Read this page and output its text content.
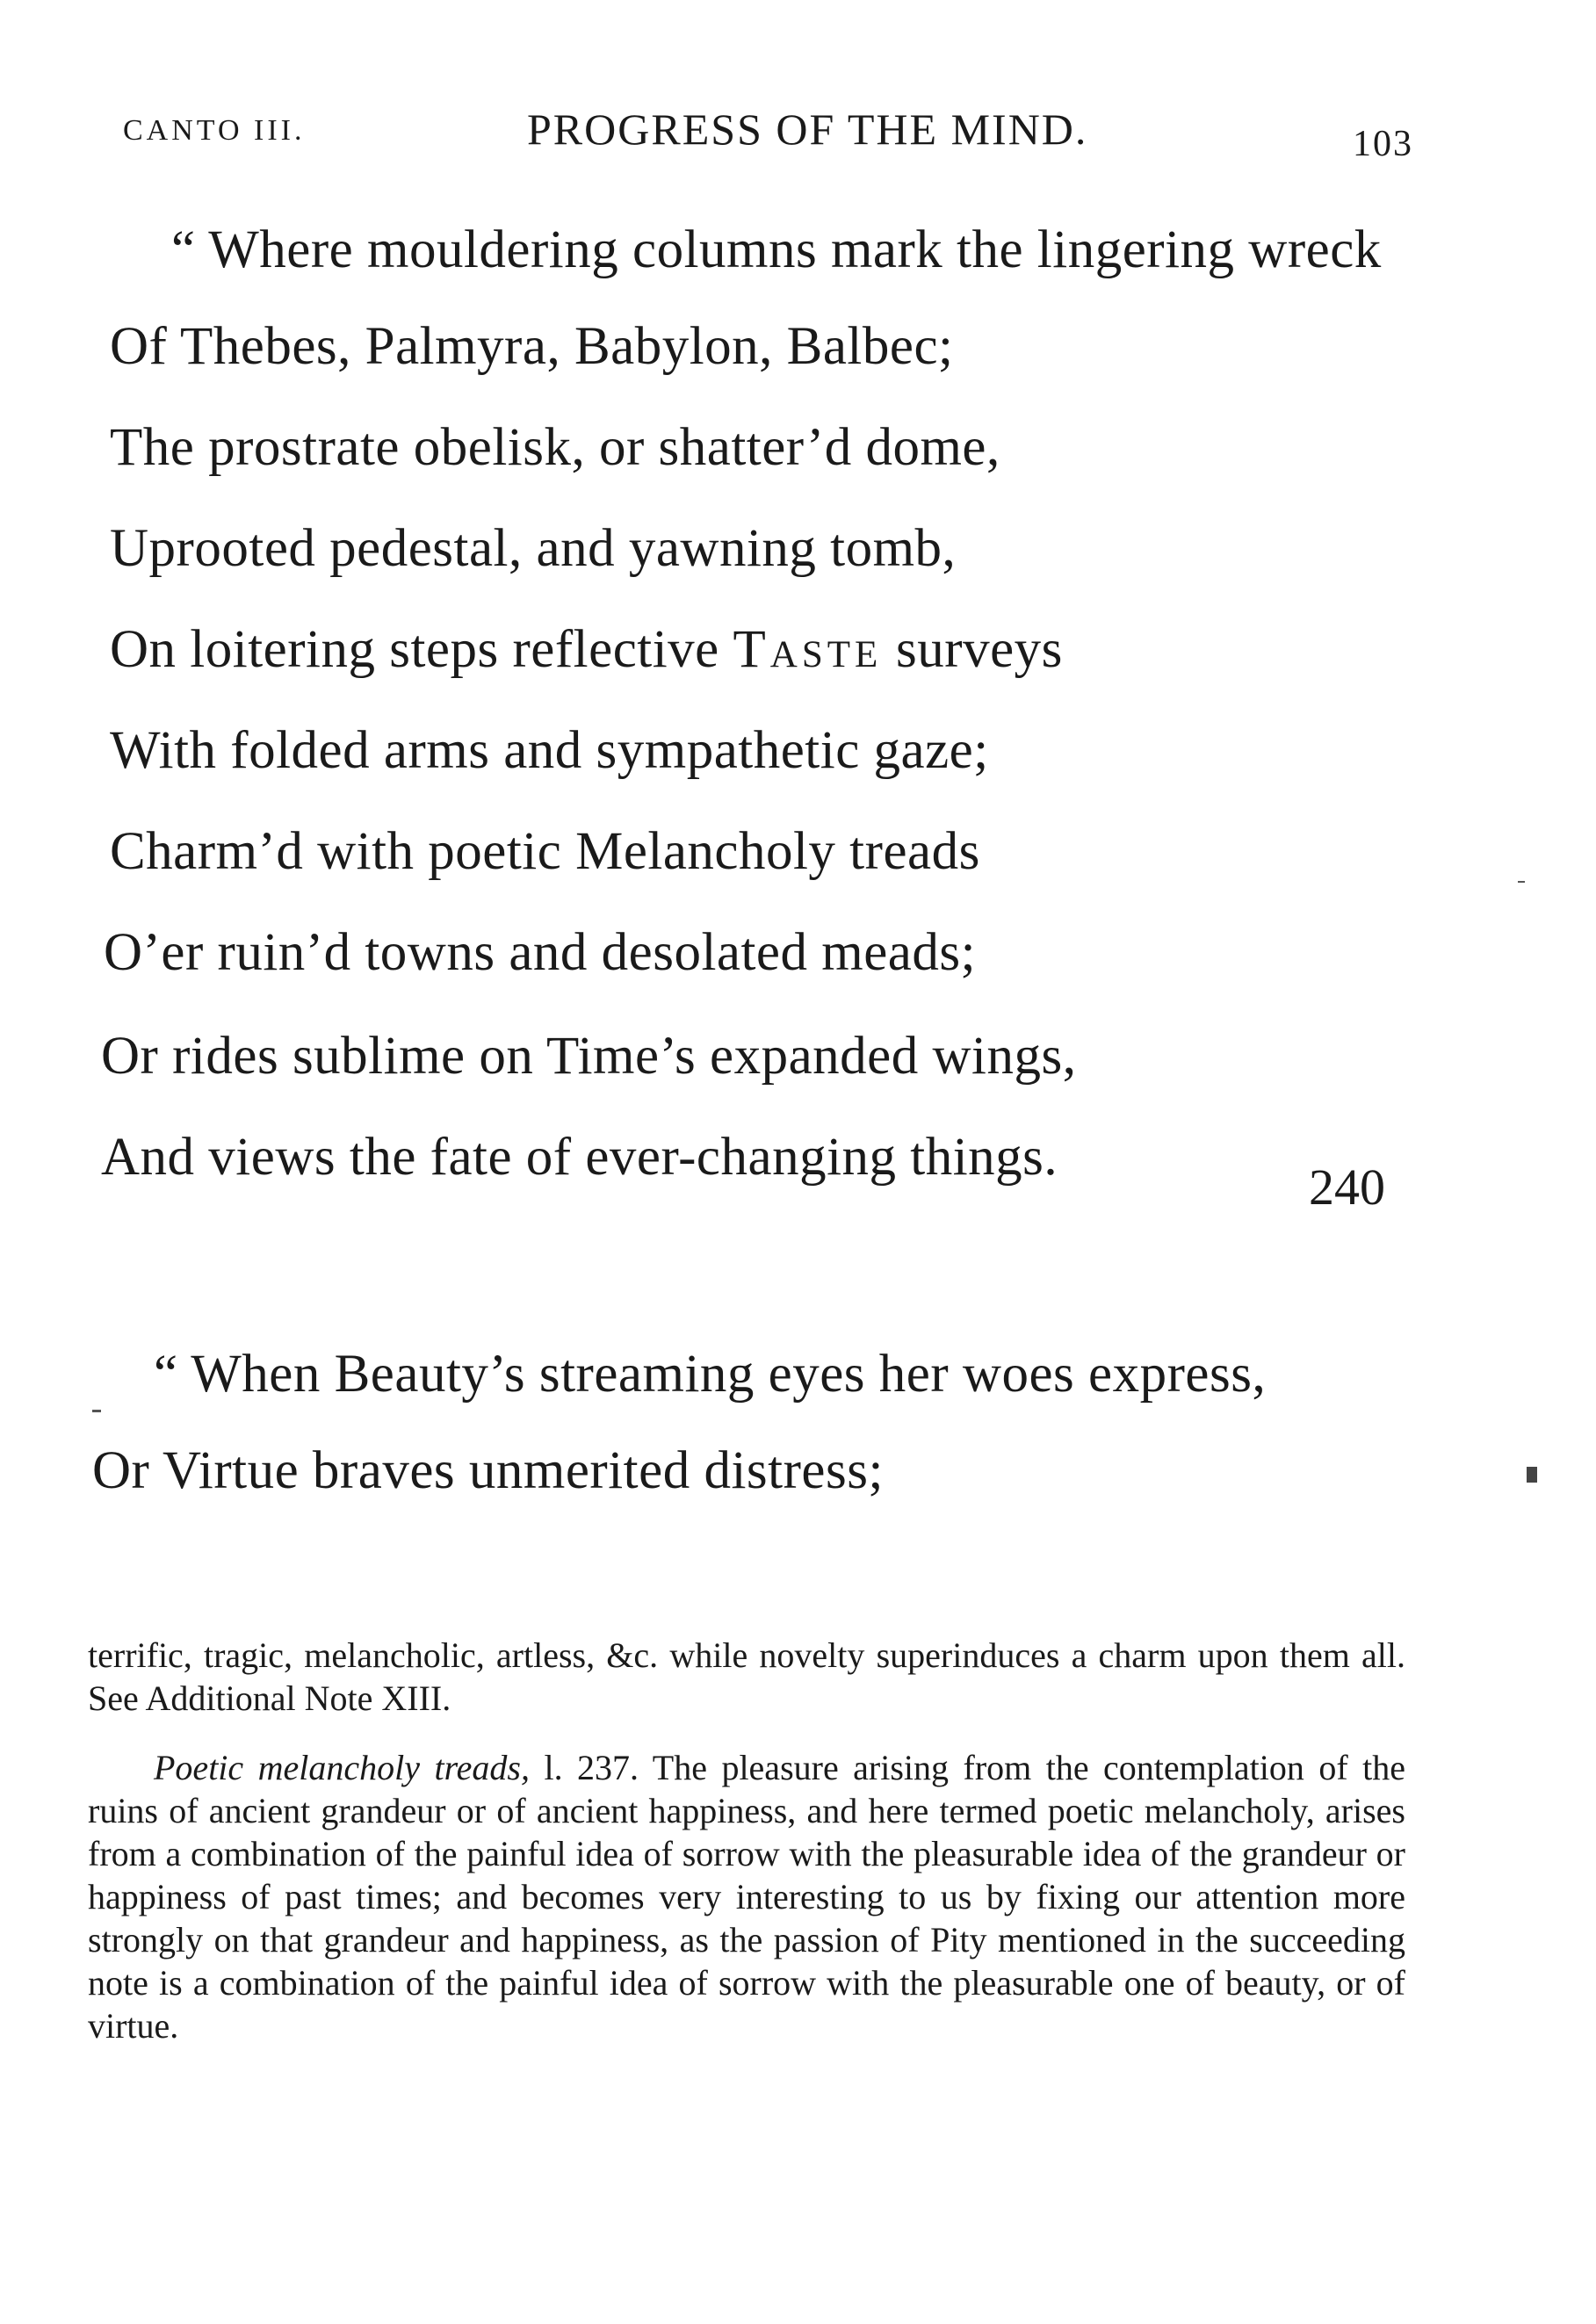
CANTO III.	PROGRESS OF THE MIND.	103
“ Where mouldering columns mark the lingering wreck
Of Thebes, Palmyra, Babylon, Balbec;
The prostrate obelisk, or shatter’d dome,
Uprooted pedestal, and yawning tomb,
On loitering steps reflective Taste surveys
With folded arms and sympathetic gaze;
Charm’d with poetic Melancholy treads
O’er ruin’d towns and desolated meads;
Or rides sublime on Time’s expanded wings,
And views the fate of ever-changing things.
240
“ When Beauty’s streaming eyes her woes express,
Or Virtue braves unmerited distress;

terrific, tragic, melancholic, artless, &c. while novelty superinduces a charm upon them all. See Additional Note XIII.

Poetic melancholy treads, l. 237. The pleasure arising from the contemplation of the ruins of ancient grandeur or of ancient happiness, and here termed poetic melancholy, arises from a combination of the painful idea of sorrow with the pleasurable idea of the grandeur or happiness of past times; and becomes very interesting to us by fixing our attention more strongly on that grandeur and happiness, as the passion of Pity mentioned in the succeeding note is a combination of the painful idea of sorrow with the pleasurable one of beauty, or of virtue.
